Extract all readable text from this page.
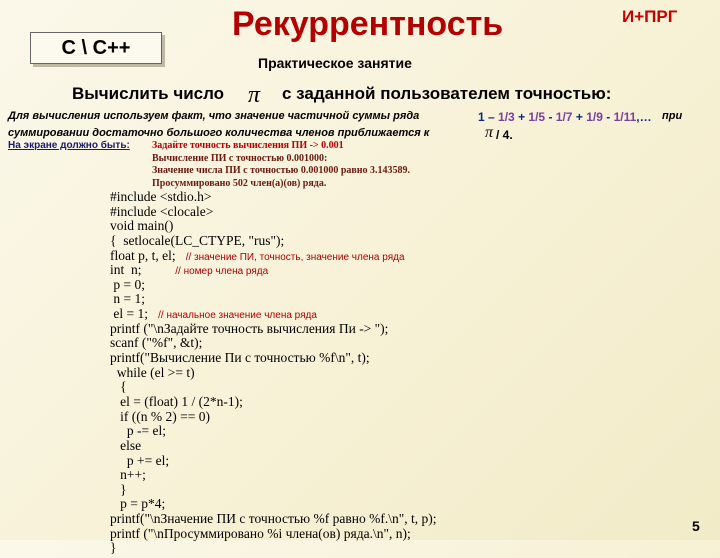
C \ C++
Рекуррентность	И+ПРГ
Практическое занятие
Вычислить число π с заданной пользователем точностью:
Для вычисления используем факт, что значение частичной суммы ряда	1 – 1/3 + 1/5 - 1/7 + 1/9 - 1/11,… при
суммировании достаточно большого количества членов приближается к	π / 4.
На экране должно быть: Задайте точность вычисления ПИ -> 0.001
Вычисление ПИ с точностью 0.001000:
Значение числа ПИ с точностью 0.001000 равно 3.143589.
Просуммировано 502 член(а)(ов) ряда.
#include <stdio.h>
#include <clocale>
void main()
{  setlocale(LC_CTYPE, "rus");
float p, t, el;   // значение ПИ, точность, значение члена ряда
int  n;          // номер члена ряда
p = 0;
n = 1;
el = 1;   // начальное значение члена ряда
printf ("\nЗадайте точность вычисления Пи -> ");
scanf ("%f", &t);
printf("Вычисление Пи с точностью %f\n", t);
while (el >= t)
{
el = (float) 1 / (2*n-1);
if ((n % 2) == 0)
p -= el;
else
p += el;
n++;
}
p = p*4;
printf("\nЗначение ПИ с точностью %f равно %f.\n", t, p);
printf ("\nПросуммировано %i члена(ов) ряда.\n", n);
}
5
